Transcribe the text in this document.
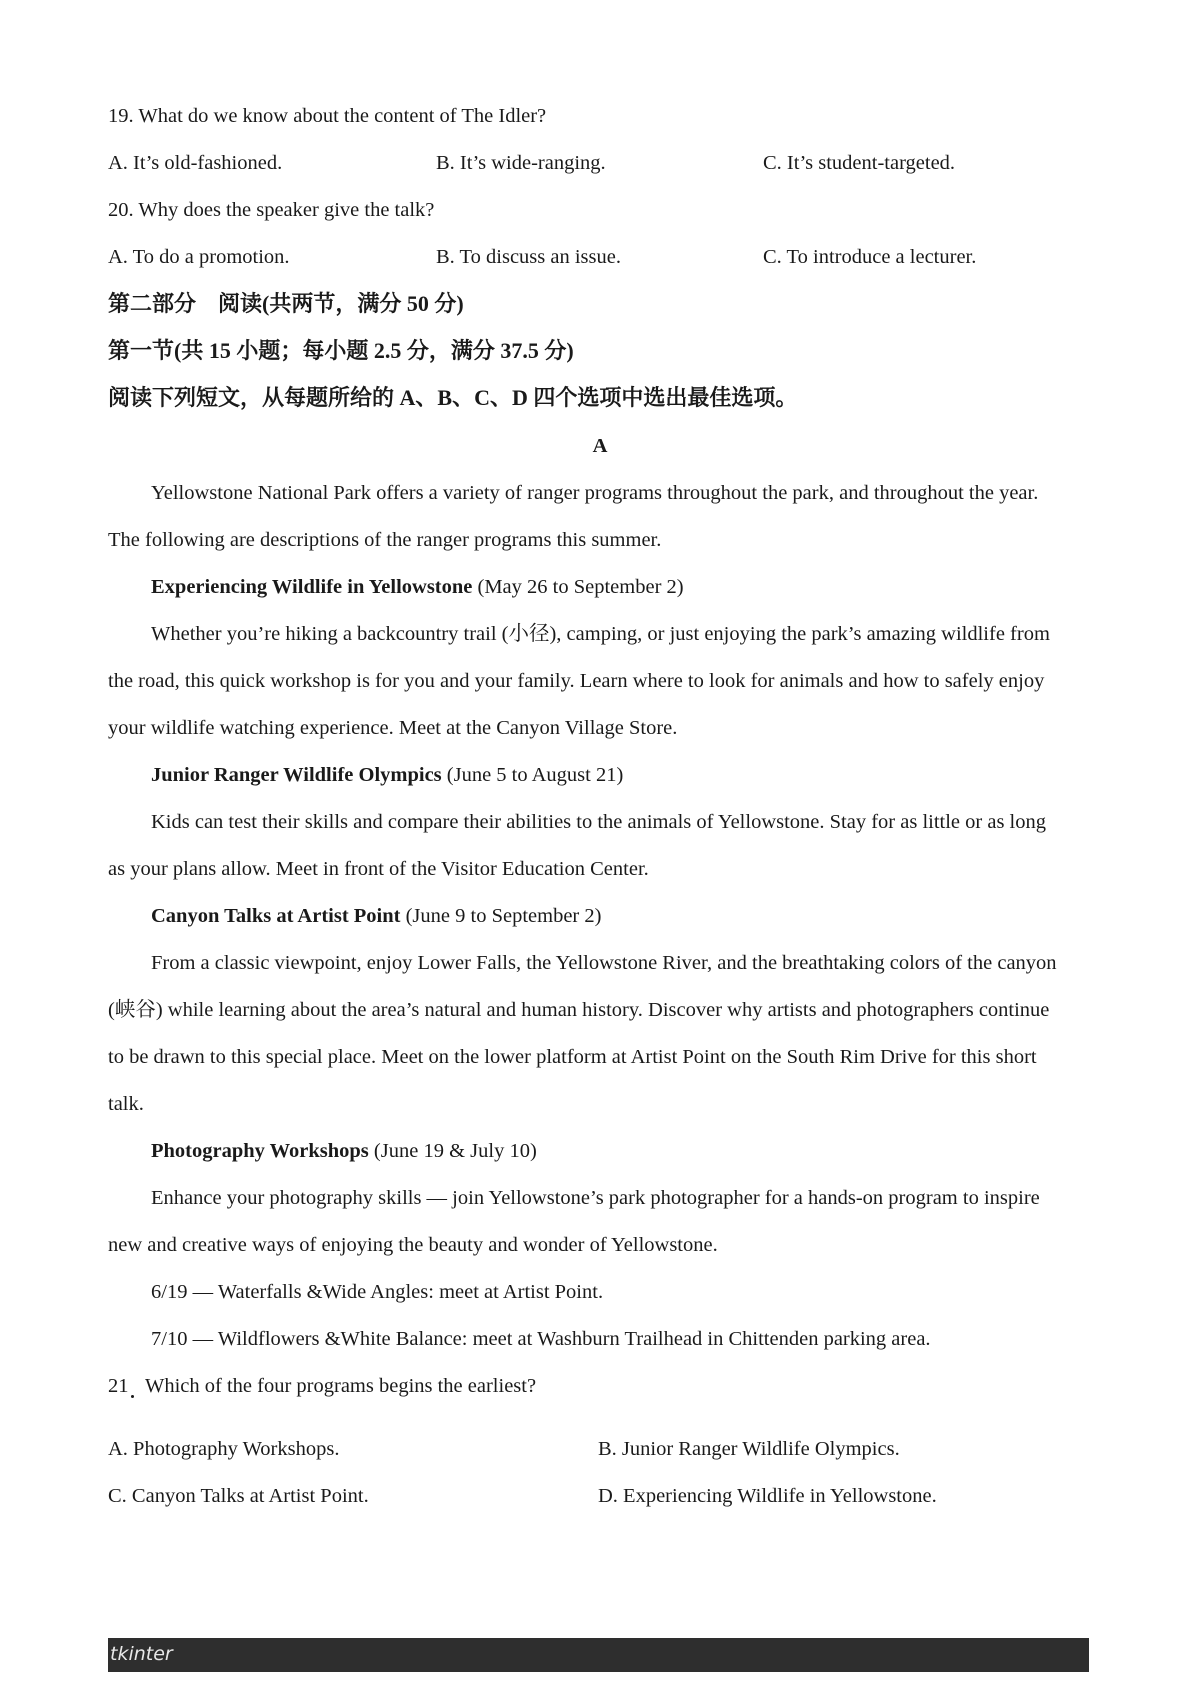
19. What do we know about the content of The Idler?
A. It’s old-fashioned.	B. It’s wide-ranging.	C. It’s student-targeted.
20. Why does the speaker give the talk?
A. To do a promotion.	B. To discuss an issue.	C. To introduce a lecturer.
第二部分　阅读(共两节，满分 50 分)
第一节(共 15 小题；每小题 2.5 分，满分 37.5 分)
阅读下列短文，从每题所给的 A、B、C、D 四个选项中选出最佳选项。
A
Yellowstone National Park offers a variety of ranger programs throughout the park, and throughout the year.
The following are descriptions of the ranger programs this summer.
Experiencing Wildlife in Yellowstone (May 26 to September 2)
Whether you’re hiking a backcountry trail (小径), camping, or just enjoying the park’s amazing wildlife from
the road, this quick workshop is for you and your family. Learn where to look for animals and how to safely enjoy
your wildlife watching experience. Meet at the Canyon Village Store.
Junior Ranger Wildlife Olympics (June 5 to August 21)
Kids can test their skills and compare their abilities to the animals of Yellowstone. Stay for as little or as long
as your plans allow. Meet in front of the Visitor Education Center.
Canyon Talks at Artist Point (June 9 to September 2)
From a classic viewpoint, enjoy Lower Falls, the Yellowstone River, and the breathtaking colors of the canyon
(峡谷) while learning about the area’s natural and human history. Discover why artists and photographers continue
to be drawn to this special place. Meet on the lower platform at Artist Point on the South Rim Drive for this short
talk.
Photography Workshops (June 19 & July 10)
Enhance your photography skills — join Yellowstone’s park photographer for a hands-on program to inspire
new and creative ways of enjoying the beauty and wonder of Yellowstone.
6/19 — Waterfalls &Wide Angles: meet at Artist Point.
7/10 — Wildflowers &White Balance: meet at Washburn Trailhead in Chittenden parking area.
21 Which of the four programs begins the earliest?
A. Photography Workshops.	B. Junior Ranger Wildlife Olympics.
C. Canyon Talks at Artist Point.	D. Experiencing Wildlife in Yellowstone.
tkinter
